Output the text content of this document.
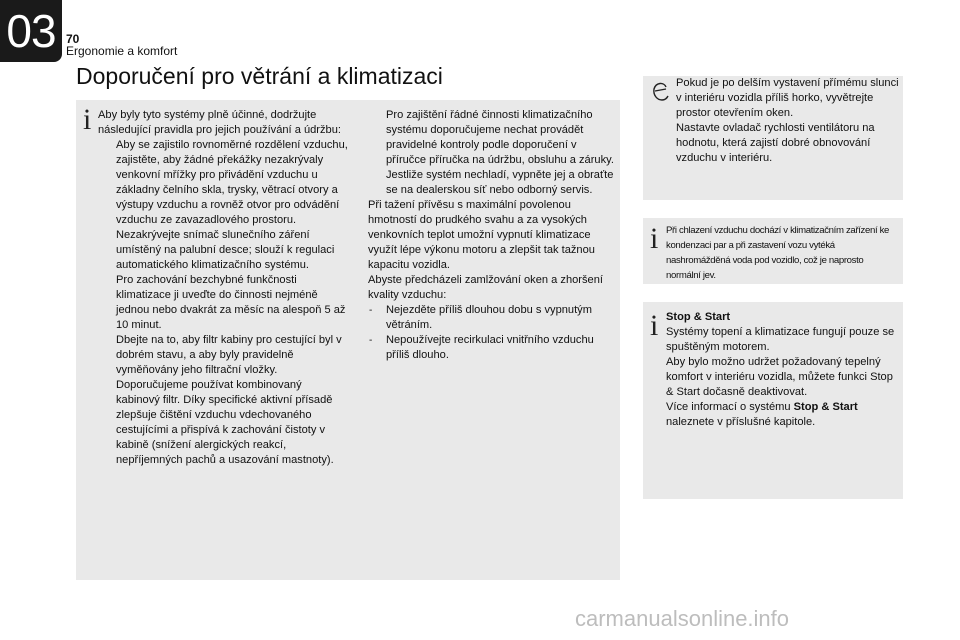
03 70
Ergonomie a komfort
Doporučení pro větrání a klimatizaci
i Aby byly tyto systémy plně účinné, dodržujte následující pravidla pro jejich používání a údržbu:

Aby se zajistilo rovnoměrné rozdělení vzduchu, zajistěte, aby žádné překážky nezakrývaly venkovní mřížky pro přivádění vzduchu u základny čelního skla, trysky, větrací otvory a výstupy vzduchu a rovněž otvor pro odvádění vzduchu ze zavazadlového prostoru.
Nezakrývejte snímač slunečního záření umístěný na palubní desce; slouží k regulaci automatického klimatizačního systému.
Pro zachování bezchybné funkčnosti klimatizace ji uveďte do činnosti nejméně jednou nebo dvakrát za měsíc na alespoň 5 až 10 minut.
Dbejte na to, aby filtr kabiny pro cestující byl v dobrém stavu, a aby byly pravidelně vyměňovány jeho filtrační vložky. Doporučujeme používat kombinovaný kabinový filtr. Díky specifické aktivní přísadě zlepšuje čištění vzduchu vdechovaného cestujícími a přispívá k zachování čistoty v kabině (snížení alergických reakcí, nepříjemných pachů a usazování mastnoty).
Pro zajištění řádné činnosti klimatizačního systému doporučujeme nechat provádět pravidelné kontroly podle doporučení v příručce příručka na údržbu, obsluhu a záruky.
Jestliže systém nechladí, vypněte jej a obraťte se na dealerskou síť nebo odborný servis.

Při tažení přívěsu s maximální povolenou hmotností do prudkého svahu a za vysokých venkovních teplot umožní vypnutí klimatizace využít lépe výkonu motoru a zlepšit tak tažnou kapacitu vozidla.

Abyste předcházeli zamlžování oken a zhoršení kvality vzduchu:

- Nejezděte příliš dlouhou dobu s vypnutým větráním.
- Nepoužívejte recirkulaci vnitřního vzduchu příliš dlouho.

Pokud je po delším vystavení přímému slunci v interiéru vozidla příliš horko, vyvětrejte prostor otevřením oken.

Nastavte ovladač rychlosti ventilátoru na hodnotu, která zajistí dobré obnovování vzduchu v interiéru.

i Při chlazení vzduchu dochází v klimatizačním zařízení ke kondenzaci par a při zastavení vozu vytéká nashromážděná voda pod vozidlo, což je naprosto normální jev.
i Stop & Start

Systémy topení a klimatizace fungují pouze se spuštěným motorem.

Aby bylo možno udržet požadovaný tepelný komfort v interiéru vozidla, můžete funkci Stop & Start dočasně deaktivovat.

Více informací o systému Stop & Start naleznete v příslušné kapitole.

carmanualsonline.info
